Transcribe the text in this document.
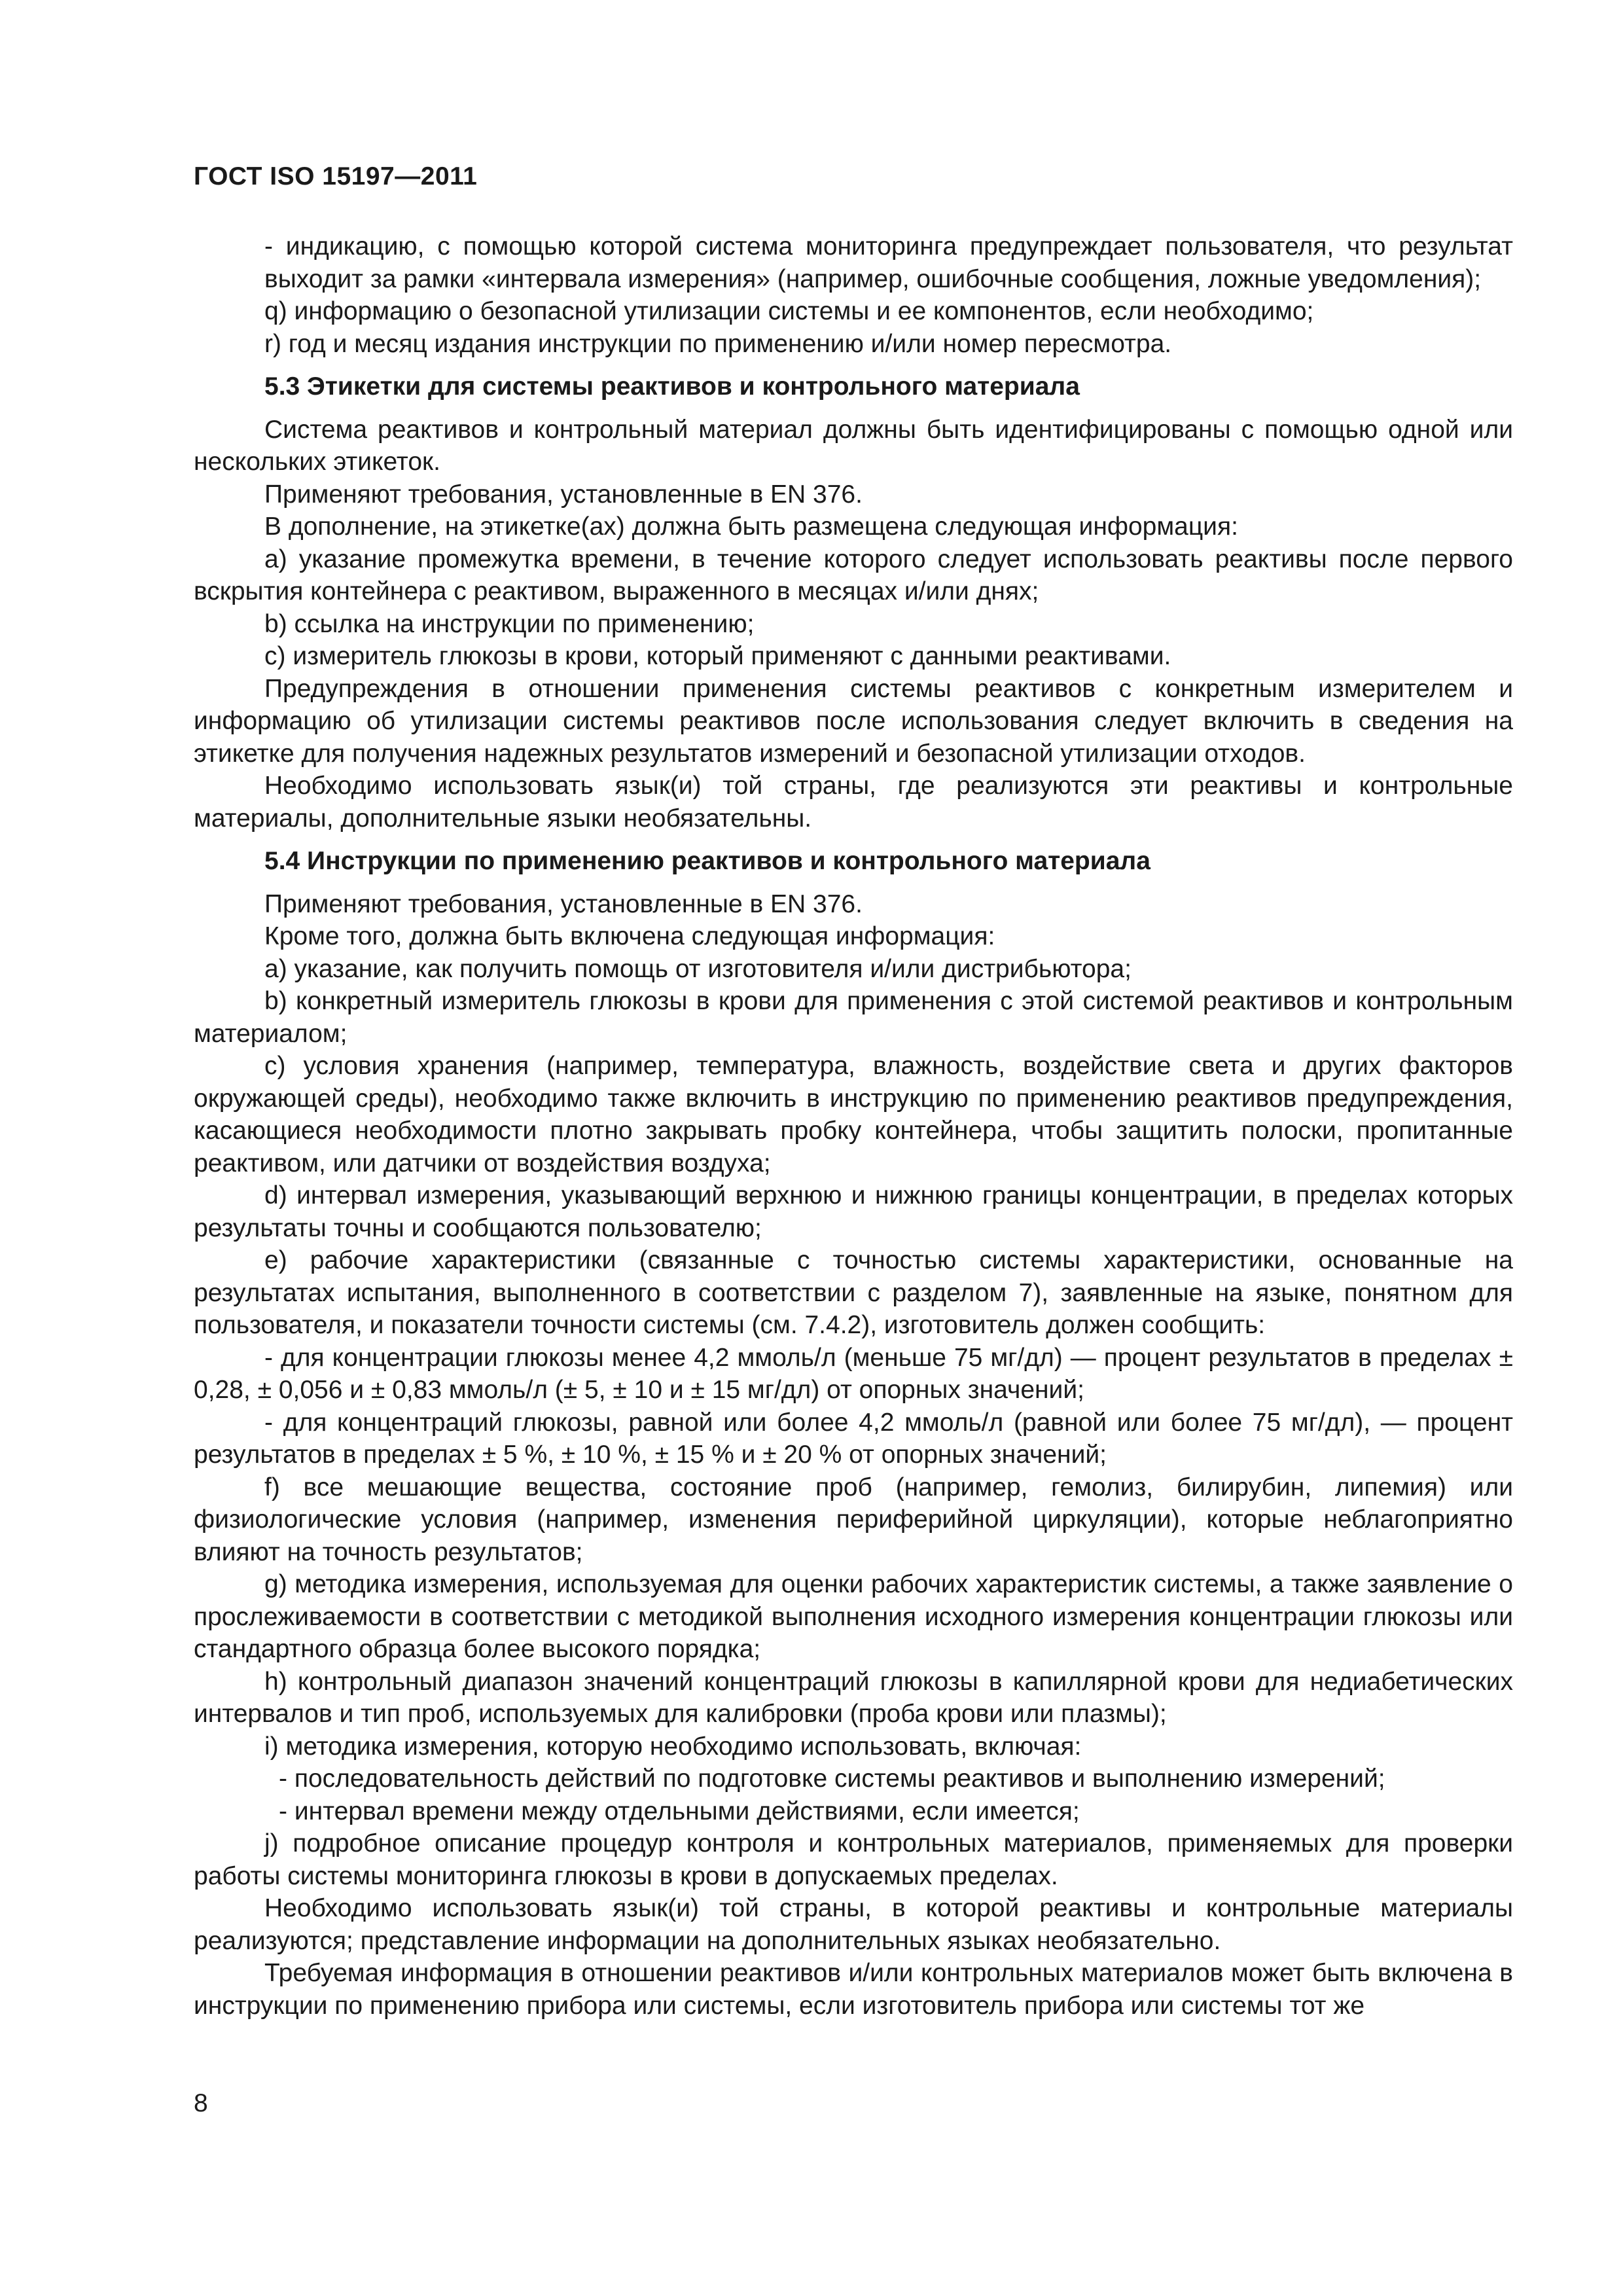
ГОСТ ISO 15197—2011

- индикацию, с помощью которой система мониторинга предупреждает пользователя, что результат выходит за рамки «интервала измерения» (например, ошибочные сообщения, ложные уведомления);

q) информацию о безопасной утилизации системы и ее компонентов, если необходимо;

r) год и месяц издания инструкции по применению и/или номер пересмотра.

5.3 Этикетки для системы реактивов и контрольного материала

Система реактивов и контрольный материал должны быть идентифицированы с помощью одной или нескольких этикеток.

Применяют требования, установленные в EN 376.

В дополнение, на этикетке(ах) должна быть размещена следующая информация:

a) указание промежутка времени, в течение которого следует использовать реактивы после первого вскрытия контейнера с реактивом, выраженного в месяцах и/или днях;

b) ссылка на инструкции по применению;

c) измеритель глюкозы в крови, который применяют с данными реактивами.

Предупреждения в отношении применения системы реактивов с конкретным измерителем и информацию об утилизации системы реактивов после использования следует включить в сведения на этикетке для получения надежных результатов измерений и безопасной утилизации отходов.

Необходимо использовать язык(и) той страны, где реализуются эти реактивы и контрольные материалы, дополнительные языки необязательны.

5.4 Инструкции по применению реактивов и контрольного материала

Применяют требования, установленные в EN 376.

Кроме того, должна быть включена следующая информация:

a) указание, как получить помощь от изготовителя и/или дистрибьютора;

b) конкретный измеритель глюкозы в крови для применения с этой системой реактивов и контрольным материалом;

c) условия хранения (например, температура, влажность, воздействие света и других факторов окружающей среды), необходимо также включить в инструкцию по применению реактивов предупреждения, касающиеся необходимости плотно закрывать пробку контейнера, чтобы защитить полоски, пропитанные реактивом, или датчики от воздействия воздуха;

d) интервал измерения, указывающий верхнюю и нижнюю границы концентрации, в пределах которых результаты точны и сообщаются пользователю;

e) рабочие характеристики (связанные с точностью системы характеристики, основанные на результатах испытания, выполненного в соответствии с разделом 7), заявленные на языке, понятном для пользователя, и показатели точности системы (см. 7.4.2), изготовитель должен сообщить:

- для концентрации глюкозы менее 4,2 ммоль/л (меньше 75 мг/дл) — процент результатов в пределах ± 0,28, ± 0,056 и ± 0,83 ммоль/л (± 5, ± 10 и ± 15 мг/дл) от опорных значений;

- для концентраций глюкозы, равной или более 4,2 ммоль/л (равной или более 75 мг/дл), — процент результатов в пределах ± 5 %, ± 10 %, ± 15 % и ± 20 % от опорных значений;

f) все мешающие вещества, состояние проб (например, гемолиз, билирубин, липемия) или физиологические условия (например, изменения периферийной циркуляции), которые неблагоприятно влияют на точность результатов;

g) методика измерения, используемая для оценки рабочих характеристик системы, а также заявление о прослеживаемости в соответствии с методикой выполнения исходного измерения концентрации глюкозы или стандартного образца более высокого порядка;

h) контрольный диапазон значений концентраций глюкозы в капиллярной крови для недиабетических интервалов и тип проб, используемых для калибровки (проба крови или плазмы);

i) методика измерения, которую необходимо использовать, включая:

- последовательность действий по подготовке системы реактивов и выполнению измерений;

- интервал времени между отдельными действиями, если имеется;

j) подробное описание процедур контроля и контрольных материалов, применяемых для проверки работы системы мониторинга глюкозы в крови в допускаемых пределах.

Необходимо использовать язык(и) той страны, в которой реактивы и контрольные материалы реализуются; представление информации на дополнительных языках необязательно.

Требуемая информация в отношении реактивов и/или контрольных материалов может быть включена в инструкции по применению прибора или системы, если изготовитель прибора или системы тот же

8
